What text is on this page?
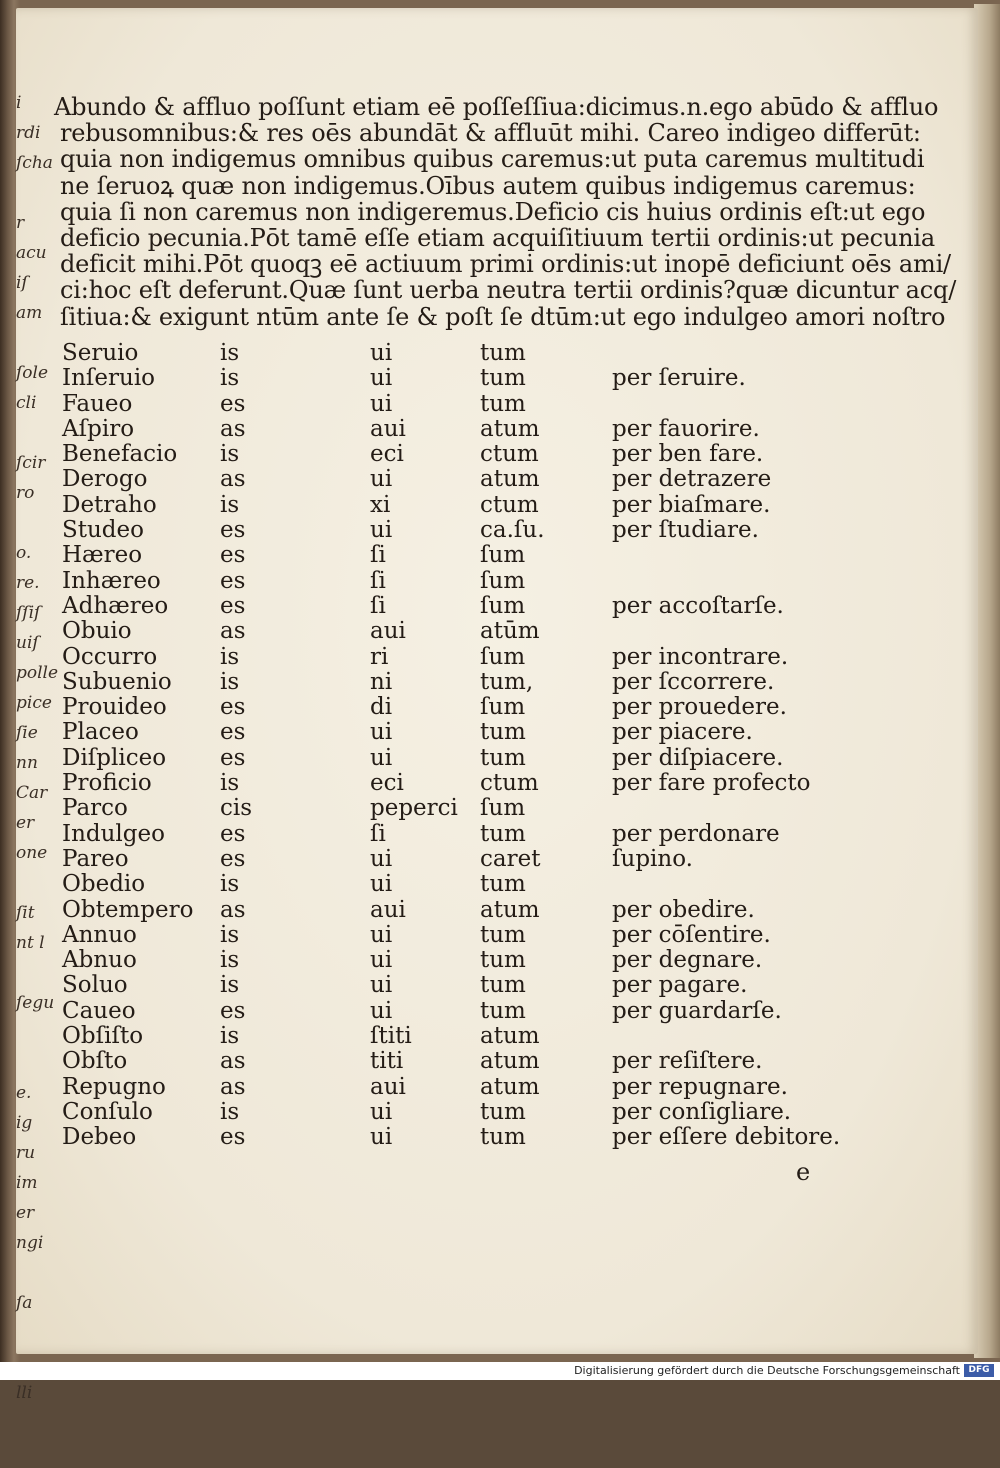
i
rdi
ſcha
r
acu
iſ
am
ſole
cli
ſcir
ro
o.
re.
ſſiſ
uiſ
polle
pice
ſie
nn
Car
er
one
ſit
nt l
ſegu
e.
ig
ru
im
er
ngi
ſa
lli
Abundo & affluo poſſunt etiam eē poſſeſſiua:dicimus.n.ego abūdo & affluo
rebusomnibus:& res oēs abundāt & affluūt mihi. Careo indigeo differūt:
quia non indigemus omnibus quibus caremus:ut puta caremus multitudi
ne ſeruoꝝ quæ non indigemus.Oībus autem quibus indigemus caremus:
quia ſi non caremus non indigeremus.Deficio cis huius ordinis eſt:ut ego
deficio pecunia.Pōt tamē eſſe etiam acquiſitiuum tertii ordinis:ut pecunia
deficit mihi.Pōt quoqꝫ eē actiuum primi ordinis:ut inopē deficiunt oēs ami/
ci:hoc eſt deferunt.Quæ ſunt uerba neutra tertii ordinis?quæ dicuntur acq/
ſitiua:& exigunt ntūm ante ſe & poſt ſe dtūm:ut ego indulgeo amori noſtro
Seruio	is	ui	tum
Inſeruio	is	ui	tum	per ſeruire.
Faueo	es	ui	tum
Aſpiro	as	aui	atum	per fauorire.
Benefacio is	eci	ctum	per ben fare.
Derogo	as	ui	atum	per detrazere
Detraho	is	xi	ctum	per biaſmare.
Studeo	es	ui	ca.ſu.	per ſtudiare.
Hæreo	es	ſi	ſum
Inhæreo	es	ſi	ſum
Adhæreo es	ſi	ſum	per accoſtarſe.
Obuio	as	aui	atūm
Occurro	is	ri	ſum	per incontrare.
Subuenio is	ni	tum,	per ſccorrere.
Prouideo es	di	ſum	per prouedere.
Placeo	es	ui	tum	per piacere.
Diſpliceo es	ui	tum	per diſpiacere.
Proficio	is	eci	ctum	per fare profecto
Parco	cis	peperci ſum
Indulgeo es	ſi	tum	per perdonare
Pareo	es	ui	caret	ſupino.
Obedio	is	ui	tum
Obtempero as	aui	atum	per obedire.
Annuo	is	ui	tum	per cōſentire.
Abnuo	is	ui	tum	per degnare.
Soluo	is	ui	tum	per pagare.
Caueo	es	ui	tum	per guardarſe.
Obſiſto	is	ſtiti	atum
Obſto	as	titi	atum	per reſiſtere.
Repugno as	aui	atum	per repugnare.
Conſulo	is	ui	tum	per conſigliare.
Debeo	es	ui	tum	per eſſere debitore.
e
Digitalisierung gefördert durch die Deutsche Forschungsgemeinschaft DFG
